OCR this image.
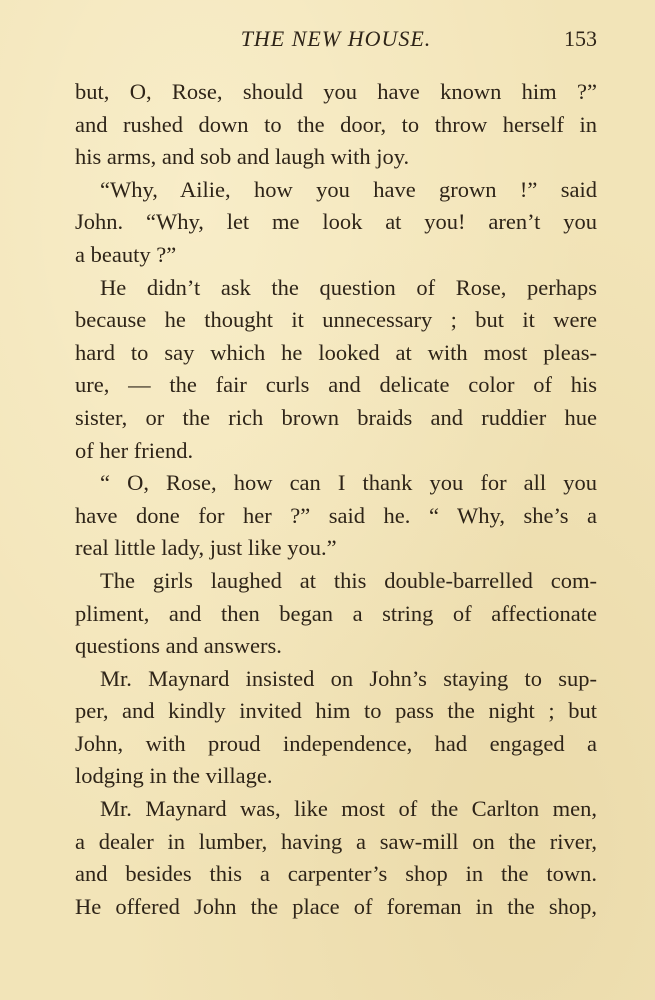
THE NEW HOUSE.	153

but, O, Rose, should you have known him ?”
and rushed down to the door, to throw herself in
his arms, and sob and laugh with joy.

“Why, Ailie, how you have grown !” said
John. “Why, let me look at you! aren’t you
a beauty ?”

He didn’t ask the question of Rose, perhaps
because he thought it unnecessary ; but it were
hard to say which he looked at with most pleas-
ure, — the fair curls and delicate color of his
sister, or the rich brown braids and ruddier hue
of her friend.

“ O, Rose, how can I thank you for all you
have done for her ?” said he. “ Why, she’s a
real little lady, just like you.”

The girls laughed at this double-barrelled com-
pliment, and then began a string of affectionate
questions and answers.

Mr. Maynard insisted on John’s staying to sup-
per, and kindly invited him to pass the night ; but
John, with proud independence, had engaged a
lodging in the village.

Mr. Maynard was, like most of the Carlton men,
a dealer in lumber, having a saw-mill on the river,
and besides this a carpenter’s shop in the town.
He offered John the place of foreman in the shop,
